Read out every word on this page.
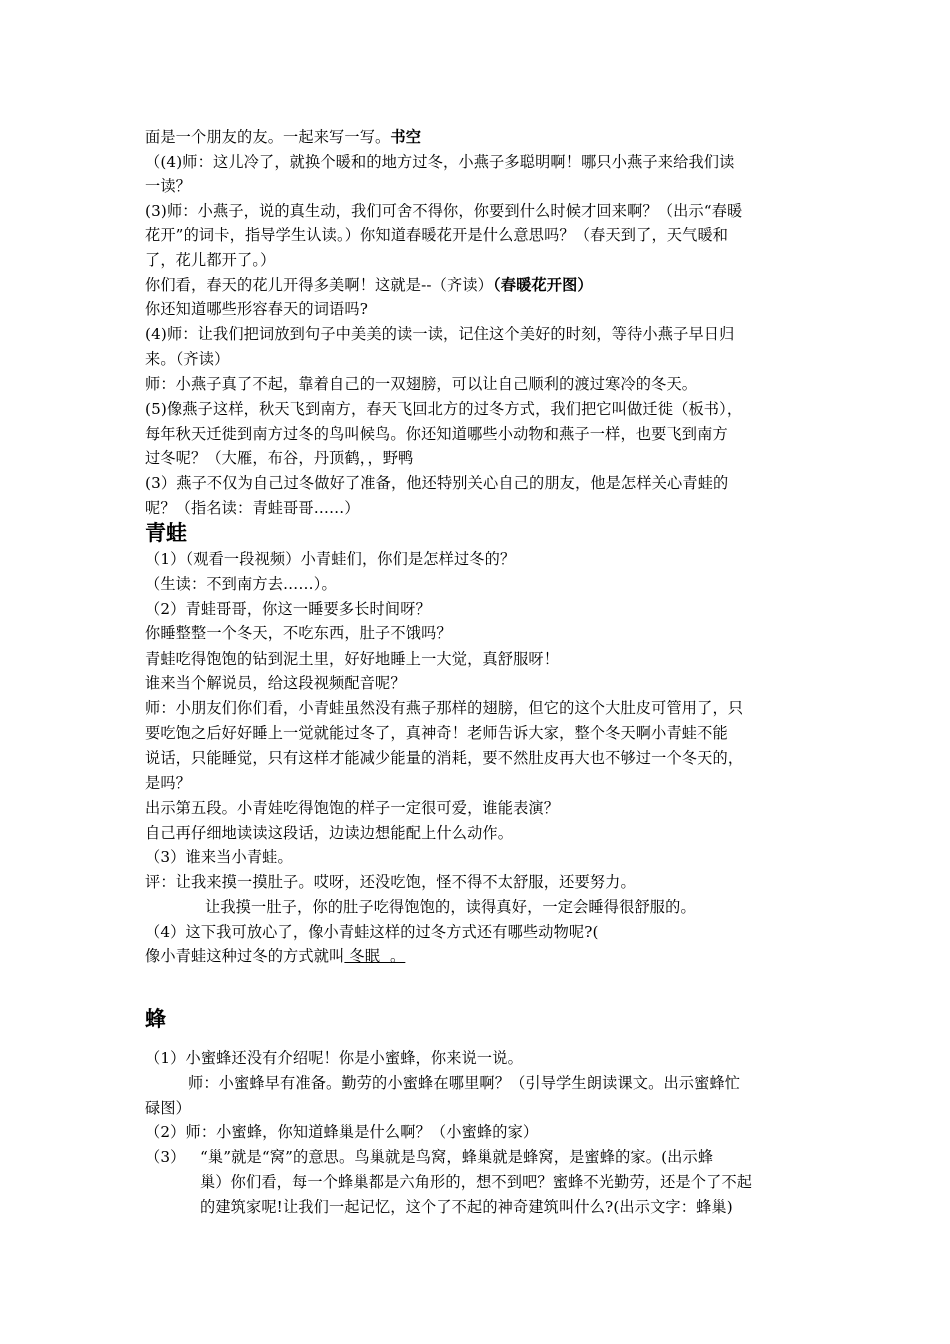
面是一个朋友的友。一起来写一写。书空
（(4)师：这儿冷了，就换个暖和的地方过冬，小燕子多聪明啊！哪只小燕子来给我们读
一读？
(3)师：小燕子，说的真生动，我们可舍不得你，你要到什么时候才回来啊？（出示“春暖
花开”的词卡，指导学生认读。）你知道春暖花开是什么意思吗？（春天到了，天气暖和
了，花儿都开了。）
你们看，春天的花儿开得多美啊！这就是--（齐读）（春暖花开图）
你还知道哪些形容春天的词语吗?
(4)师：让我们把词放到句子中美美的读一读，记住这个美好的时刻，等待小燕子早日归
来。（齐读）
师：小燕子真了不起，靠着自己的一双翅膀，可以让自己顺利的渡过寒冷的冬天。
(5)像燕子这样，秋天飞到南方，春天飞回北方的过冬方式，我们把它叫做迁徙（板书），
每年秋天迁徙到南方过冬的鸟叫候鸟。你还知道哪些小动物和燕子一样，也要飞到南方
过冬呢？（大雁，布谷，丹顶鹤，，野鸭
(3）燕子不仅为自己过冬做好了准备，他还特别关心自己的朋友，他是怎样关心青蛙的
呢？（指名读：青蛙哥哥……）
青蛙
（1）（观看一段视频）小青蛙们，你们是怎样过冬的？
（生读：不到南方去……）。
（2）青蛙哥哥，你这一睡要多长时间呀？
你睡整整一个冬天，不吃东西，肚子不饿吗？
青蛙吃得饱饱的钻到泥土里，好好地睡上一大觉，真舒服呀！
谁来当个解说员，给这段视频配音呢？
师：小朋友们你们看，小青蛙虽然没有燕子那样的翅膀，但它的这个大肚皮可管用了，只
要吃饱之后好好睡上一觉就能过冬了，真神奇！老师告诉大家，整个冬天啊小青蛙不能
说话，只能睡觉，只有这样才能减少能量的消耗，要不然肚皮再大也不够过一个冬天的，
是吗？
出示第五段。小青娃吃得饱饱的样子一定很可爱，谁能表演？
自己再仔细地读读这段话，边读边想能配上什么动作。
（3）谁来当小青蛙。
评：让我来摸一摸肚子。哎呀，还没吃饱，怪不得不太舒服，还要努力。
让我摸一肚子，你的肚子吃得饱饱的，读得真好，一定会睡得很舒服的。
（4）这下我可放心了，像小青蛙这样的过冬方式还有哪些动物呢?(
像小青蛙这种过冬的方式就叫 冬眠  。
蜂
（1）小蜜蜂还没有介绍呢！你是小蜜蜂，你来说一说。
师：小蜜蜂早有准备。勤劳的小蜜蜂在哪里啊？（引导学生朗读课文。出示蜜蜂忙
碌图）
（2）师：小蜜蜂，你知道蜂巢是什么啊？（小蜜蜂的家）
（3） “巢”就是“窝”的意思。鸟巢就是鸟窝，蜂巢就是蜂窝，是蜜蜂的家。(出示蜂
巢）你们看，每一个蜂巢都是六角形的，想不到吧？蜜蜂不光勤劳，还是个了不起
的建筑家呢!让我们一起记忆，这个了不起的神奇建筑叫什么?(出示文字：蜂巢)
